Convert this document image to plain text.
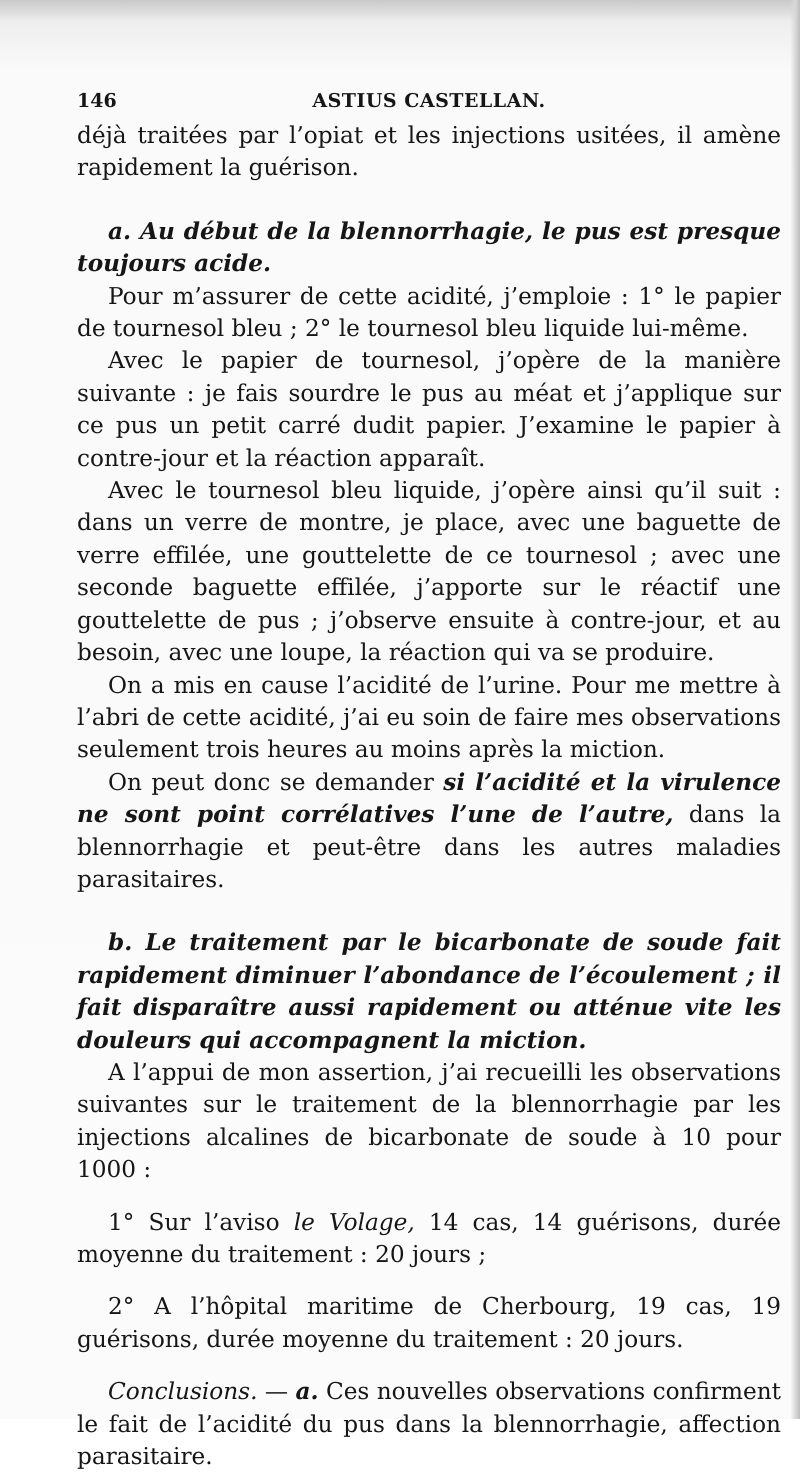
146	ASTIUS CASTELLAN.

déjà traitées par l’opiat et les injections usitées, il amène rapidement la guérison.

a. Au début de la blennorrhagie, le pus est presque toujours acide.

Pour m’assurer de cette acidité, j’emploie : 1° le papier de tournesol bleu ; 2° le tournesol bleu liquide lui-même.

Avec le papier de tournesol, j’opère de la manière suivante : je fais sourdre le pus au méat et j’applique sur ce pus un petit carré dudit papier. J’examine le papier à contre-jour et la réaction apparaît.

Avec le tournesol bleu liquide, j’opère ainsi qu’il suit : dans un verre de montre, je place, avec une baguette de verre effilée, une gouttelette de ce tournesol ; avec une seconde baguette effilée, j’apporte sur le réactif une gouttelette de pus ; j’observe ensuite à contre-jour, et au besoin, avec une loupe, la réaction qui va se produire.

On a mis en cause l’acidité de l’urine. Pour me mettre à l’abri de cette acidité, j’ai eu soin de faire mes observations seulement trois heures au moins après la miction.

On peut donc se demander si l’acidité et la virulence ne sont point corrélatives l’une de l’autre, dans la blennorrhagie et peut-être dans les autres maladies parasitaires.

b. Le traitement par le bicarbonate de soude fait rapidement diminuer l’abondance de l’écoulement ; il fait disparaître aussi rapidement ou atténue vite les douleurs qui accompagnent la miction.

A l’appui de mon assertion, j’ai recueilli les observations suivantes sur le traitement de la blennorrhagie par les injections alcalines de bicarbonate de soude à 10 pour 1000 :

1° Sur l’aviso le Volage, 14 cas, 14 guérisons, durée moyenne du traitement : 20 jours ;

2° A l’hôpital maritime de Cherbourg, 19 cas, 19 guérisons, durée moyenne du traitement : 20 jours.

Conclusions. — a. Ces nouvelles observations confirment le fait de l’acidité du pus dans la blennorrhagie, affection parasitaire.
